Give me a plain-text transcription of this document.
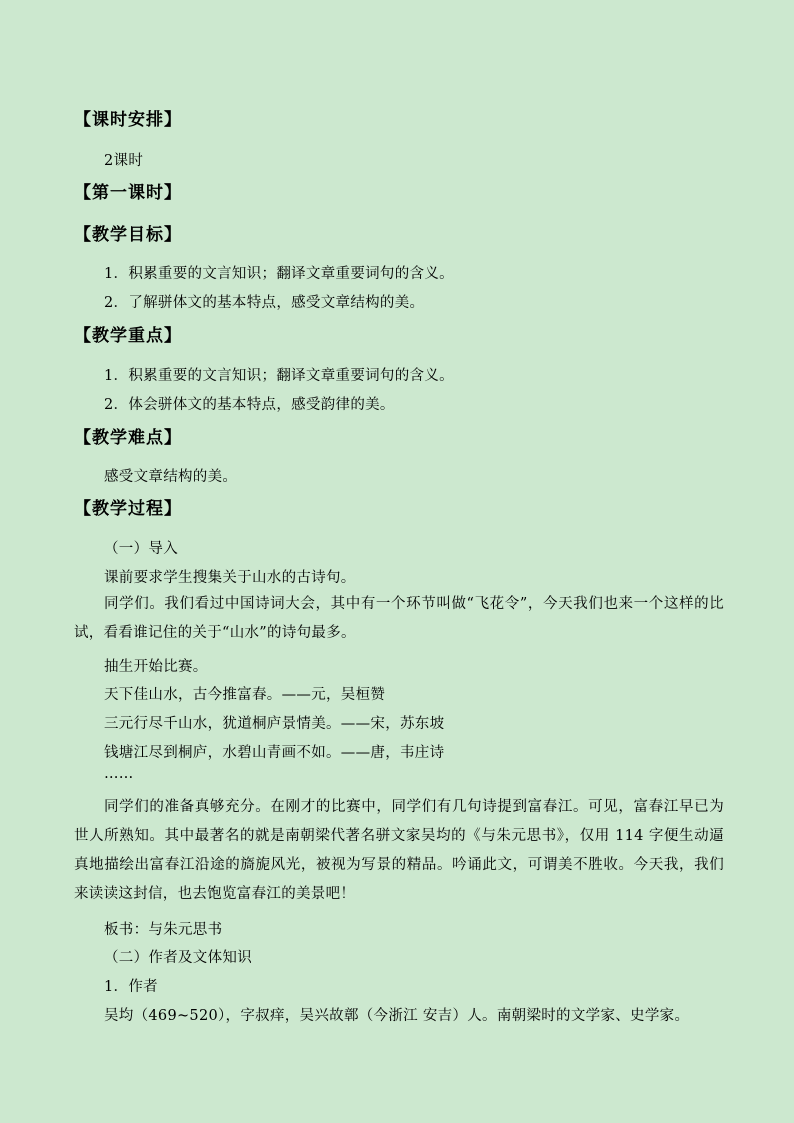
【课时安排】
2课时
【第一课时】
【教学目标】
1．积累重要的文言知识；翻译文章重要词句的含义。
2．了解骈体文的基本特点，感受文章结构的美。
【教学重点】
1．积累重要的文言知识；翻译文章重要词句的含义。
2．体会骈体文的基本特点，感受韵律的美。
【教学难点】
感受文章结构的美。
【教学过程】
（一）导入
课前要求学生搜集关于山水的古诗句。
同学们。我们看过中国诗词大会，其中有一个环节叫做“飞花令”，今天我们也来一个这样的比试，看看谁记住的关于“山水”的诗句最多。
抽生开始比赛。
天下佳山水，古今推富春。——元，吴桓赞
三元行尽千山水，犹道桐庐景情美。——宋，苏东坡
钱塘江尽到桐庐，水碧山青画不如。——唐，韦庄诗
……
同学们的准备真够充分。在刚才的比赛中，同学们有几句诗提到富春江。可见，富春江早已为世人所熟知。其中最著名的就是南朝梁代著名骈文家吴均的《与朱元思书》，仅用 114 字便生动逼真地描绘出富春江沿途的旖旎风光，被视为写景的精品。吟诵此文，可谓美不胜收。今天我，我们来读读这封信，也去饱览富春江的美景吧！
板书：与朱元思书
（二）作者及文体知识
1．作者
吴均（469~520），字叔痒，吴兴故鄣（今浙江 安吉）人。南朝梁时的文学家、史学家。
